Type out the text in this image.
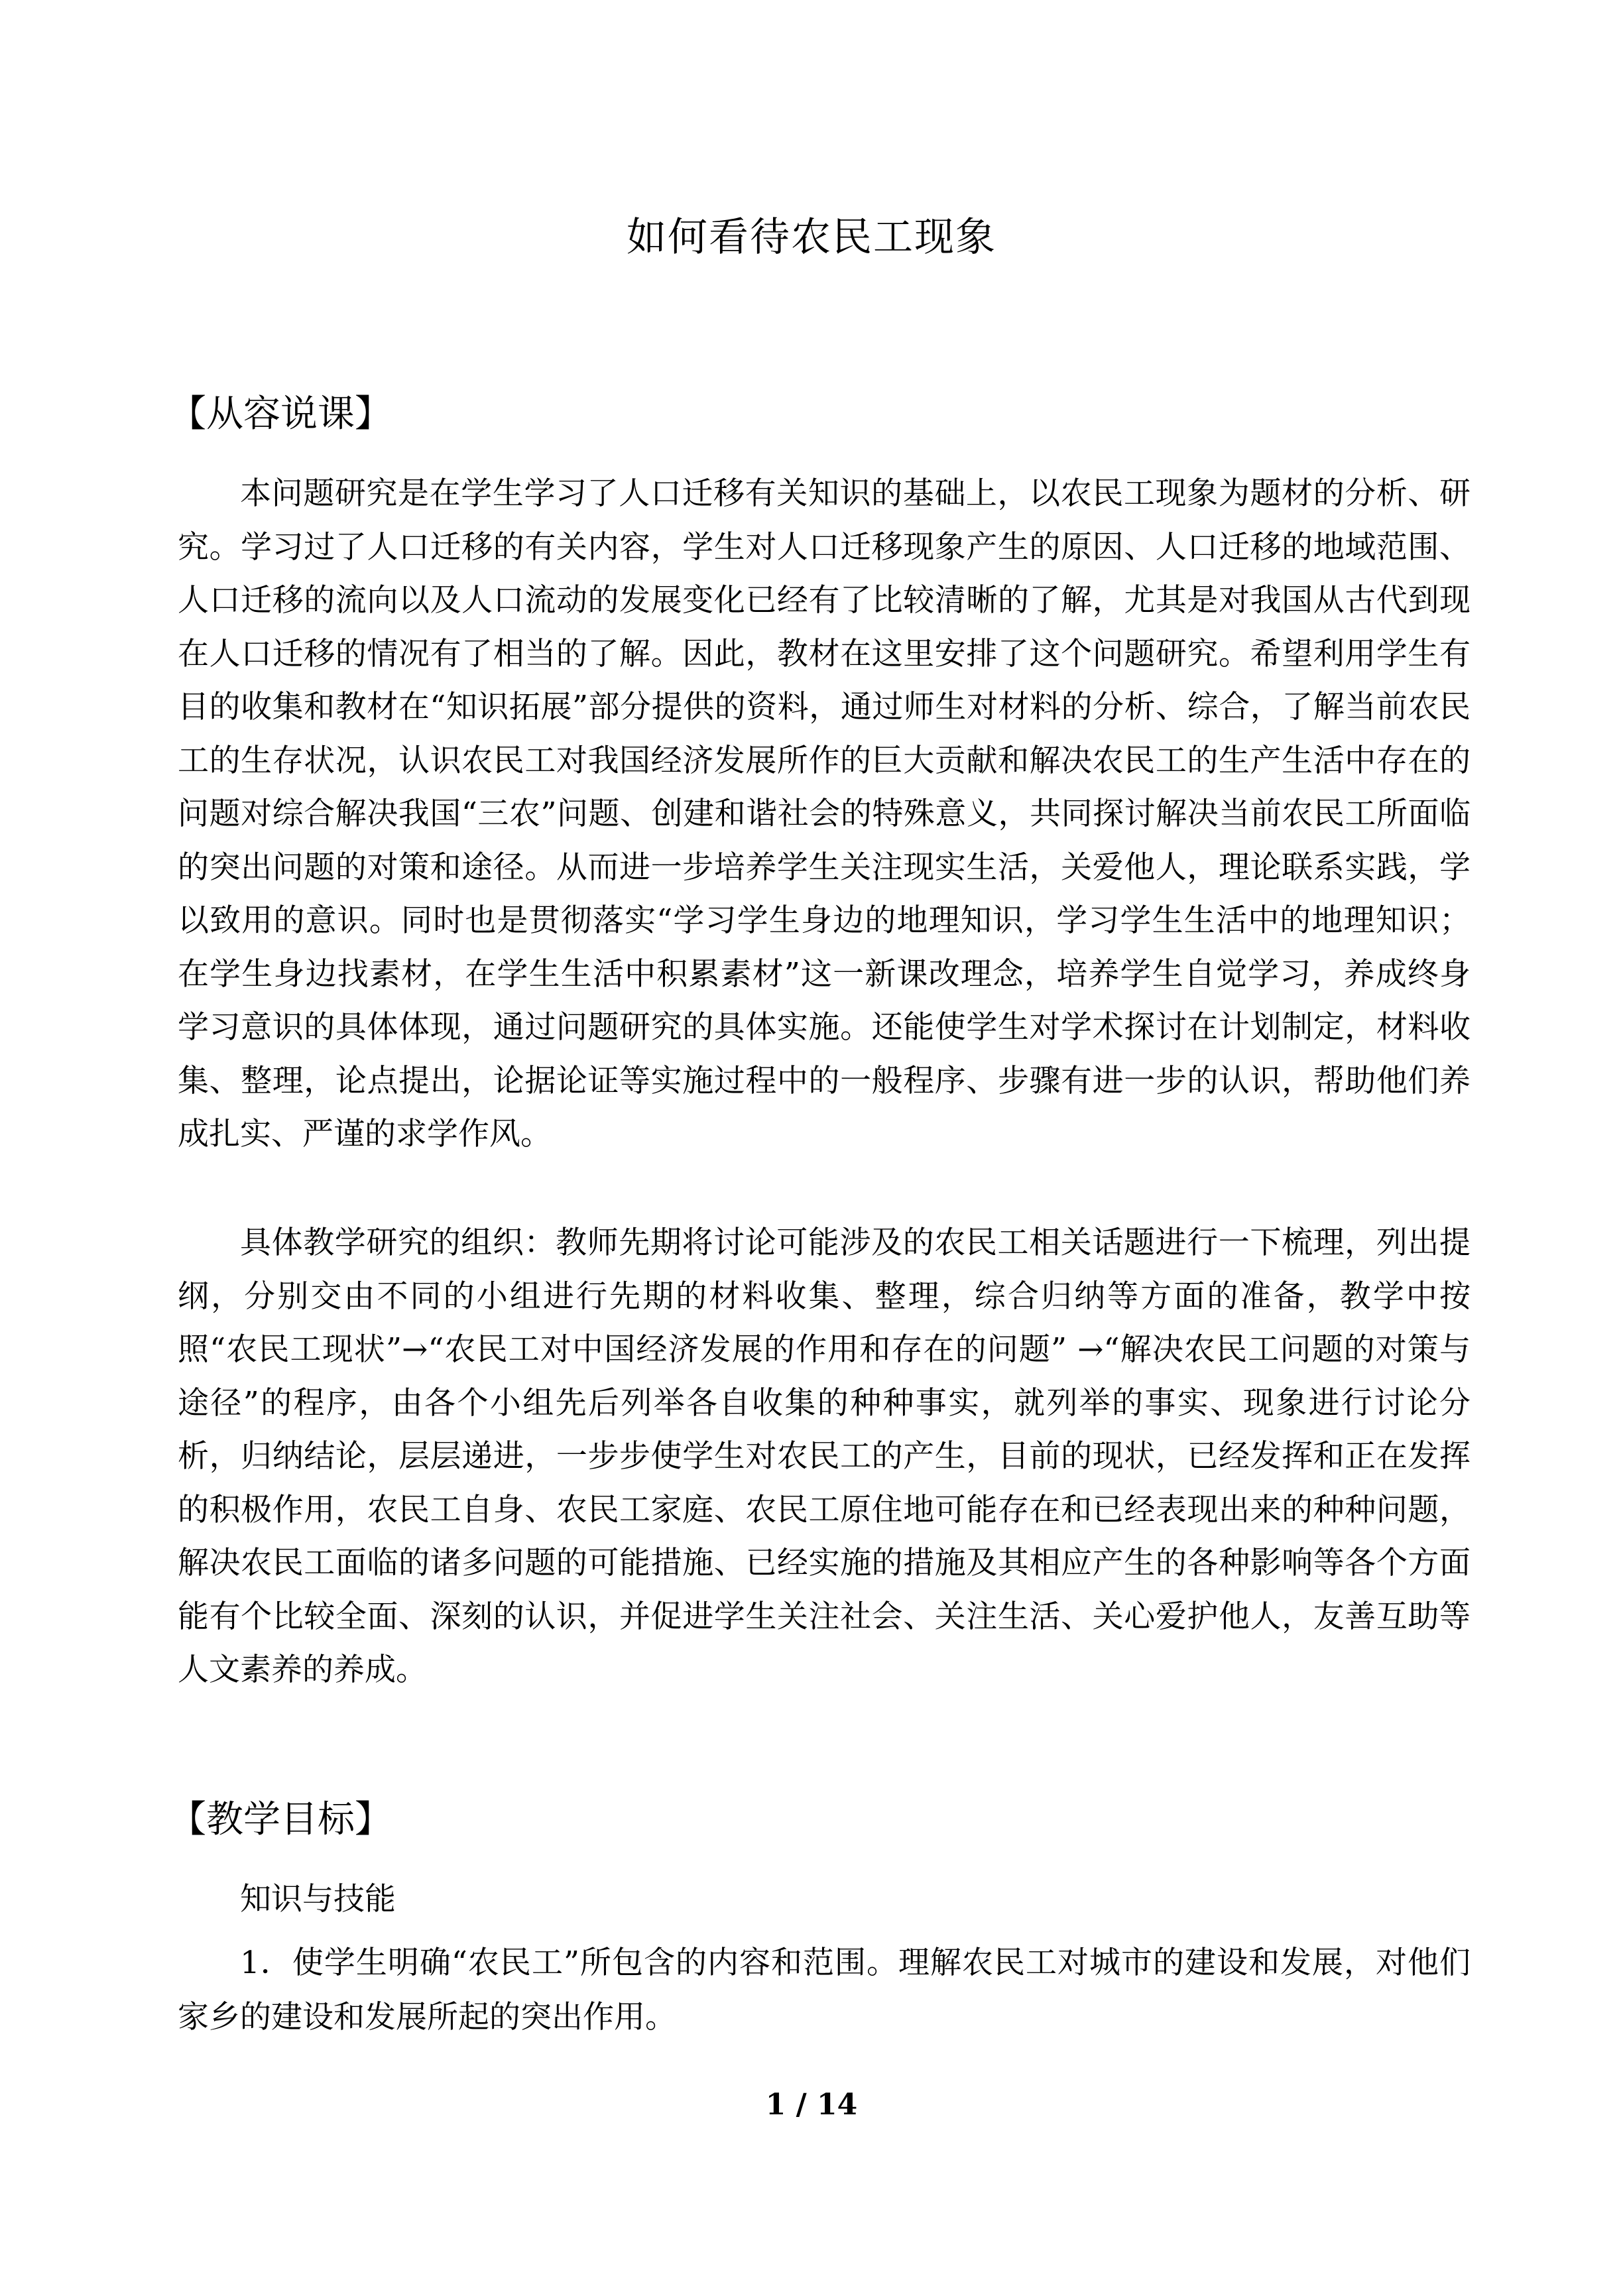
如何看待农民工现象
【从容说课】

本问题研究是在学生学习了人口迁移有关知识的基础上，以农民工现象为题材的分析、研究。学习过了人口迁移的有关内容，学生对人口迁移现象产生的原因、人口迁移的地域范围、人口迁移的流向以及人口流动的发展变化已经有了比较清晰的了解，尤其是对我国从古代到现在人口迁移的情况有了相当的了解。因此，教材在这里安排了这个问题研究。希望利用学生有目的收集和教材在“知识拓展”部分提供的资料，通过师生对材料的分析、综合，了解当前农民工的生存状况，认识农民工对我国经济发展所作的巨大贡献和解决农民工的生产生活中存在的问题对综合解决我国“三农”问题、创建和谐社会的特殊意义，共同探讨解决当前农民工所面临的突出问题的对策和途径。从而进一步培养学生关注现实生活，关爱他人，理论联系实践，学以致用的意识。同时也是贯彻落实“学习学生身边的地理知识，学习学生生活中的地理知识；在学生身边找素材，在学生生活中积累素材”这一新课改理念，培养学生自觉学习，养成终身学习意识的具体体现，通过问题研究的具体实施。还能使学生对学术探讨在计划制定，材料收集、整理，论点提出，论据论证等实施过程中的一般程序、步骤有进一步的认识，帮助他们养成扎实、严谨的求学作风。

具体教学研究的组织：教师先期将讨论可能涉及的农民工相关话题进行一下梳理，列出提纲，分别交由不同的小组进行先期的材料收集、整理，综合归纳等方面的准备，教学中按照“农民工现状”→“农民工对中国经济发展的作用和存在的问题” →“解决农民工问题的对策与途径”的程序，由各个小组先后列举各自收集的种种事实，就列举的事实、现象进行讨论分析，归纳结论，层层递进，一步步使学生对农民工的产生，目前的现状，已经发挥和正在发挥的积极作用，农民工自身、农民工家庭、农民工原住地可能存在和已经表现出来的种种问题，解决农民工面临的诸多问题的可能措施、已经实施的措施及其相应产生的各种影响等各个方面能有个比较全面、深刻的认识，并促进学生关注社会、关注生活、关心爱护他人，友善互助等人文素养的养成。

【教学目标】

知识与技能

1．使学生明确“农民工”所包含的内容和范围。理解农民工对城市的建设和发展，对他们家乡的建设和发展所起的突出作用。

1 / 14
